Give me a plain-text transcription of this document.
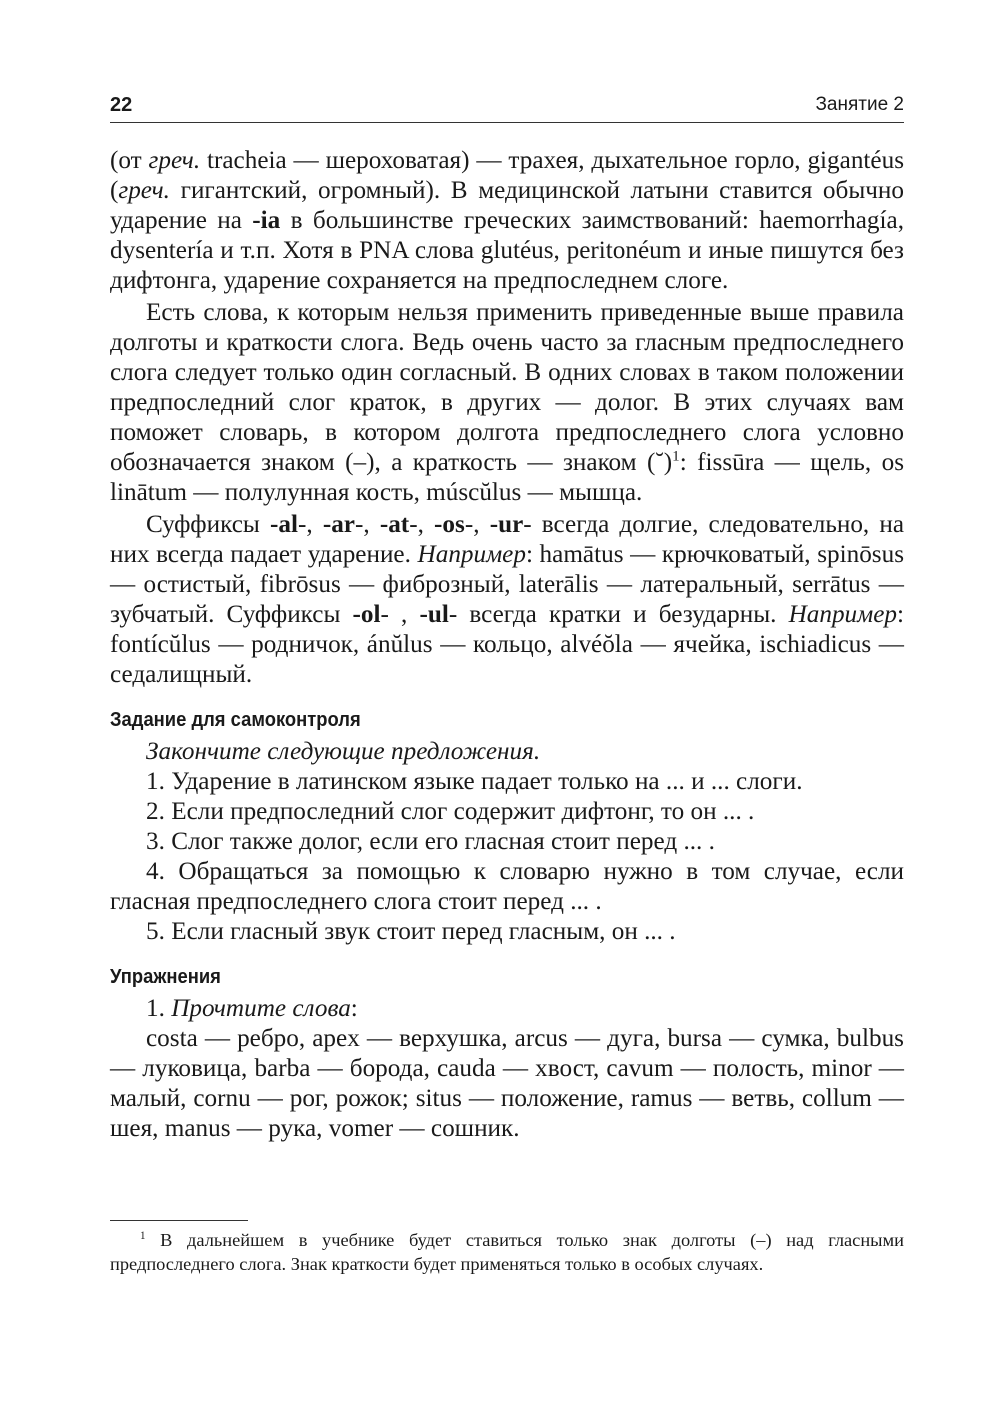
22	Занятие 2

(от греч. tracheia — шероховатая) — трахея, дыхательное горло, gigantéus (греч. гигантский, огромный). В медицинской латыни ставится обычно ударение на -ia в большинстве греческих заимствований: haemorrhagía, dysentería и т.п. Хотя в PNA слова glutéus, peritonéum и иные пишутся без дифтонга, ударение сохраняется на предпоследнем слоге.

Есть слова, к которым нельзя применить приведенные выше правила долготы и краткости слога. Ведь очень часто за гласным предпоследнего слога следует только один согласный. В одних словах в таком положении предпоследний слог краток, в других — долог. В этих случаях вам поможет словарь, в котором долгота предпоследнего слога условно обозначается знаком (–), а краткость — знаком (˘)$^1$: fissūra — щель, os linātum — полулунная кость, múscŭlus — мышца.

Суффиксы -al-, -ar-, -at-, -os-, -ur- всегда долгие, следовательно, на них всегда падает ударение. Например: hamātus — крючковатый, spinōsus — остистый, fibrōsus — фиброзный, laterālis — латеральный, serrātus — зубчатый. Суффиксы -ol- , -ul- всегда кратки и безударны. Например: fontícŭlus — родничок, ánŭlus — кольцо, alvéŏla — ячейка, ischiadicus — седалищный.

Задание для самоконтроля

Закончите следующие предложения.

1. Ударение в латинском языке падает только на ... и ... слоги.

2. Если предпоследний слог содержит дифтонг, то он ... .

3. Слог также долог, если его гласная стоит перед ... .

4. Обращаться за помощью к словарю нужно в том случае, если гласная предпоследнего слога стоит перед ... .

5. Если гласный звук стоит перед гласным, он ... .

Упражнения

1. Прочтите слова:

costa — ребро, apex — верхушка, arcus — дуга, bursa — сумка, bulbus — луковица, barba — борода, cauda — хвост, cavum — полость, minor — малый, cornu — рог, рожок; situs — положение, ramus — ветвь, collum — шея, manus — рука, vomer — сошник.

$^1$ В дальнейшем в учебнике будет ставиться только знак долготы (–) над гласными предпоследнего слога. Знак краткости будет применяться только в особых случаях.
